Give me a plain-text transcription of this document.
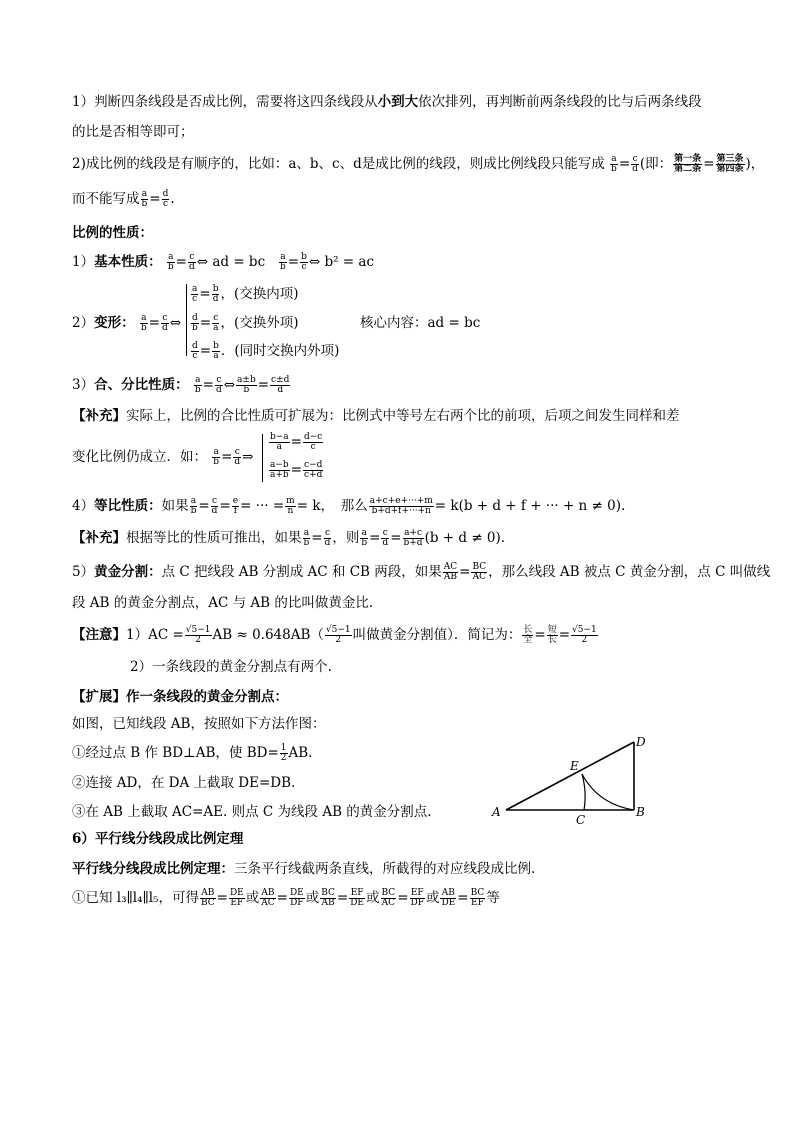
1）判断四条线段是否成比例，需要将这四条线段从小到大依次排列，再判断前两条线段的比与后两条线段
的比是否相等即可；
2)成比例的线段是有顺序的，比如：a、b、c、d是成比例的线段，则成比例线段只能写成 $\frac{a}{b} = \frac{c}{d}$ (即： 第一条
第二条 = 第三条
第四条 )，
而不能写成 $\frac{a}{b} = \frac{d}{c}$ .
比例的性质：
1）基本性质： $\frac{a}{b} = \frac{c}{d}$ ⇔ ad = bc $\frac{a}{b} = \frac{b}{c}$ ⇔ b² = ac
2）变形： $\frac{a}{b} = \frac{c}{d}$ ⇔
$\frac{a}{c} = \frac{b}{d}$ ，(交换内项)
$\frac{d}{b} = \frac{c}{a}$ ，(交换外项)
$\frac{d}{c} = \frac{b}{a}$ ．(同时交换内外项)
核心内容：ad = bc
3）合、分比性质： $\frac{a}{b} = \frac{c}{d}$ ⇔ $\frac{a\pm b}{b} = \frac{c\pm d}{d}$
【补充】实际上，比例的合比性质可扩展为：比例式中等号左右两个比的前项，后项之间发生同样和差
变化比例仍成立．如： $\frac{a}{b} = \frac{c}{d}$ ⇒
$\frac{b-a}{a} = \frac{d-c}{c}$
$\frac{a-b}{a+b} = \frac{c-d}{c+d}$
4）等比性质：如果 $\frac{a}{b} = \frac{c}{d} = \frac{e}{f}$ = ··· = $\frac{m}{n} = k$，　那么 $\frac{a+c+e+\cdot\cdot\cdot+m}{b+d+f+\cdot\cdot\cdot+n} = k(b + d + f$ + ··· + n ≠ 0).
【补充】根据等比的性质可推出，如果 $\frac{a}{b} = \frac{c}{d}$ ，则 $\frac{a}{b} = \frac{c}{d} = \frac{a+c}{b+d} (b + d \ne 0)$.
5）黄金分割：点 C 把线段 AB 分割成 AC 和 CB 两段，如果 $\frac{AC}{AB} = \frac{BC}{AC}$ ，那么线段 AB 被点 C 黄金分割，点 C 叫做线
段 AB 的黄金分割点，AC 与 AB 的比叫做黄金比.
【注意】$1)AC = \frac{√5-1}{2}$ AB ≈ $0.648AB( \frac{√5-1}{2}$ 叫做黄金分割值）．简记为： 长
全 = 短
长 = $\frac{√5-1}{2}$
2）一条线段的黄金分割点有两个.
【扩展】作一条线段的黄金分割点：
如图，已知线段 AB，按照如下方法作图：
①经过点 B 作 BD⊥AB，使 $BD= \frac{1}{2}$ AB.
②连接 AD，在 DA 上截取 DE=DB.
③在 AB 上截取 AC=AE. 则点 C 为线段 AB 的黄金分割点.	A	B
C
D
E
6）平行线分线段成比例定理
平行线分线段成比例定理：三条平行线截两条直线，所截得的对应线段成比例.
①已知 l₃∥l₄∥l₅，可得 $\frac{AB}{BC} = \frac{DE}{EF}$ 或 $\frac{AB}{AC} = \frac{DE}{DF}$ 或 $\frac{BC}{AB} = \frac{EF}{DE}$ 或 $\frac{BC}{AC} = \frac{EF}{DF}$ 或 $\frac{AB}{DE} = \frac{BC}{EF}$ 等
